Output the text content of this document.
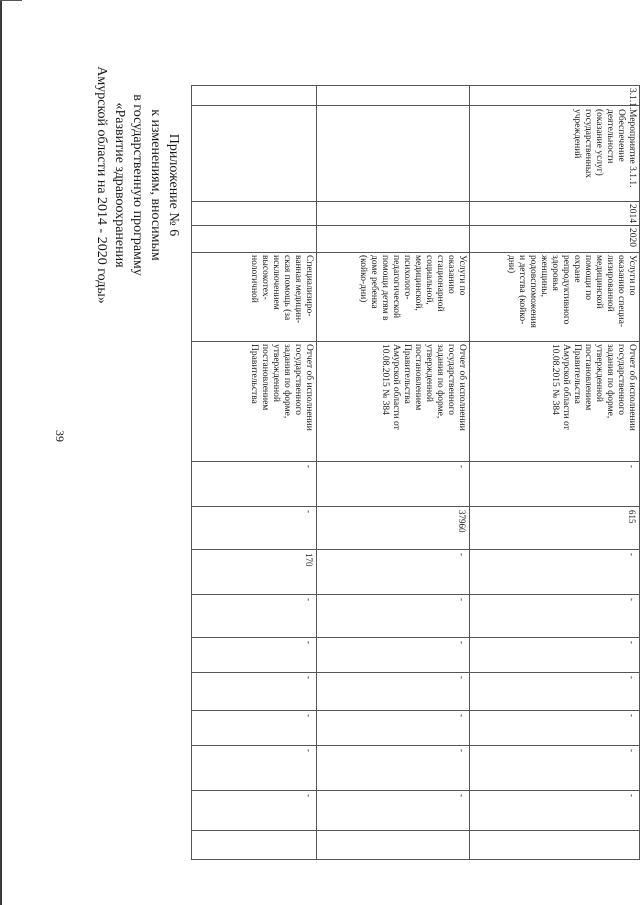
39
Приложение № 6
к изменениям, вносимым
в государственную программу
«Развитие здравоохранения
Амурской области на 2014 - 2020 годы»	3.1.1.
Мероприятие 3.1.1.
Обеспечение
деятельности
(оказание услуг)
государственных
учреждений
2014
2020
Услуги по
оказанию специа-
лизированной
медицинской
помощи по
охране
репродуктивного
здоровья
женщины,
родовспоможения
и детства (койко-
дни)
Отчет об исполнении
государственного
задания по форме,
утвержденной
постановлением
Правительства
Амурской области от
10.08.2015 № 384
-
615
-
-
-
-
-
-
-
Услуги по
оказанию
стационарной
социальной,
медицинской,
психолого-
педагогической
помощи детям в
доме ребенка
(койко-дни)
Отчет об исполнении
государственного
задания по форме,
утвержденной
постановлением
Правительства
Амурской области от
10.08.2015 № 384
-
37960
-
-
-
-
-
-
-
Специализиро-
ванная медицин-
ская помощь (за
исключением
высокотех-
нологичной
Отчет об исполнении
государственного
задания по форме,
утвержденной
постановлением
Правительства
-
-
170
-
-
-
-
-
-
